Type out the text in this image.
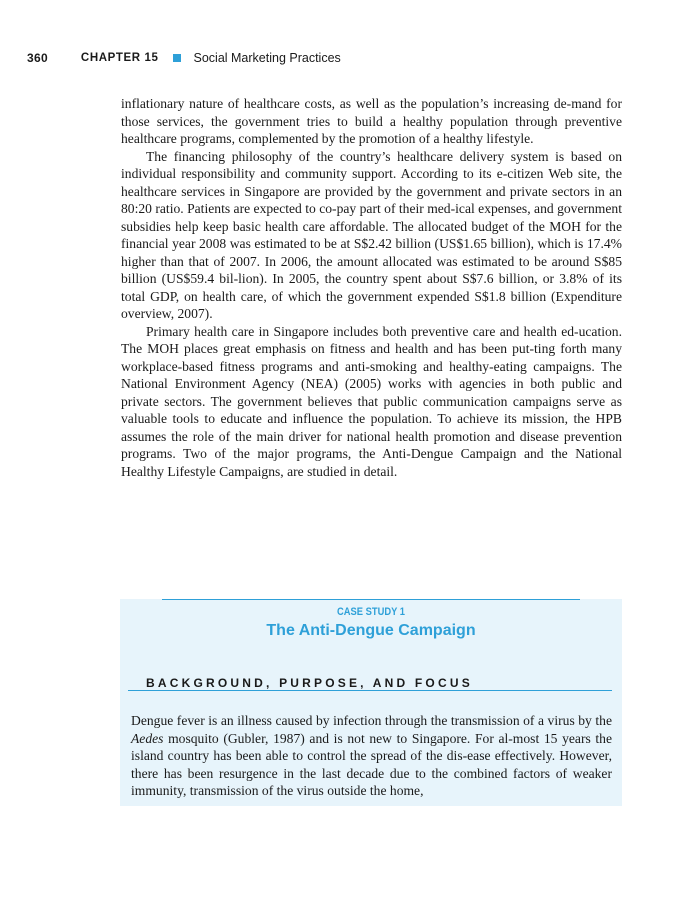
360	CHAPTER 15	Social Marketing Practices

inflationary nature of healthcare costs, as well as the population’s increasing de-mand for those services, the government tries to build a healthy population through preventive healthcare programs, complemented by the promotion of a healthy lifestyle.

The financing philosophy of the country’s healthcare delivery system is based on individual responsibility and community support. According to its e-citizen Web site, the healthcare services in Singapore are provided by the government and private sectors in an 80:20 ratio. Patients are expected to co-pay part of their med-ical expenses, and government subsidies help keep basic health care affordable. The allocated budget of the MOH for the financial year 2008 was estimated to be at S$2.42 billion (US$1.65 billion), which is 17.4% higher than that of 2007. In 2006, the amount allocated was estimated to be around S$85 billion (US$59.4 bil-lion). In 2005, the country spent about S$7.6 billion, or 3.8% of its total GDP, on health care, of which the government expended S$1.8 billion (Expenditure overview, 2007).

Primary health care in Singapore includes both preventive care and health ed-ucation. The MOH places great emphasis on fitness and health and has been put-ting forth many workplace-based fitness programs and anti-smoking and healthy-eating campaigns. The National Environment Agency (NEA) (2005) works with agencies in both public and private sectors. The government believes that public communication campaigns serve as valuable tools to educate and influence the population. To achieve its mission, the HPB assumes the role of the main driver for national health promotion and disease prevention programs. Two of the major programs, the Anti-Dengue Campaign and the National Healthy Lifestyle Campaigns, are studied in detail.

CASE STUDY 1
The Anti-Dengue Campaign
BACKGROUND, PURPOSE, AND FOCUS

Dengue fever is an illness caused by infection through the transmission of a virus by the Aedes mosquito (Gubler, 1987) and is not new to Singapore. For al-most 15 years the island country has been able to control the spread of the dis-ease effectively. However, there has been resurgence in the last decade due to the combined factors of weaker immunity, transmission of the virus outside the home,
